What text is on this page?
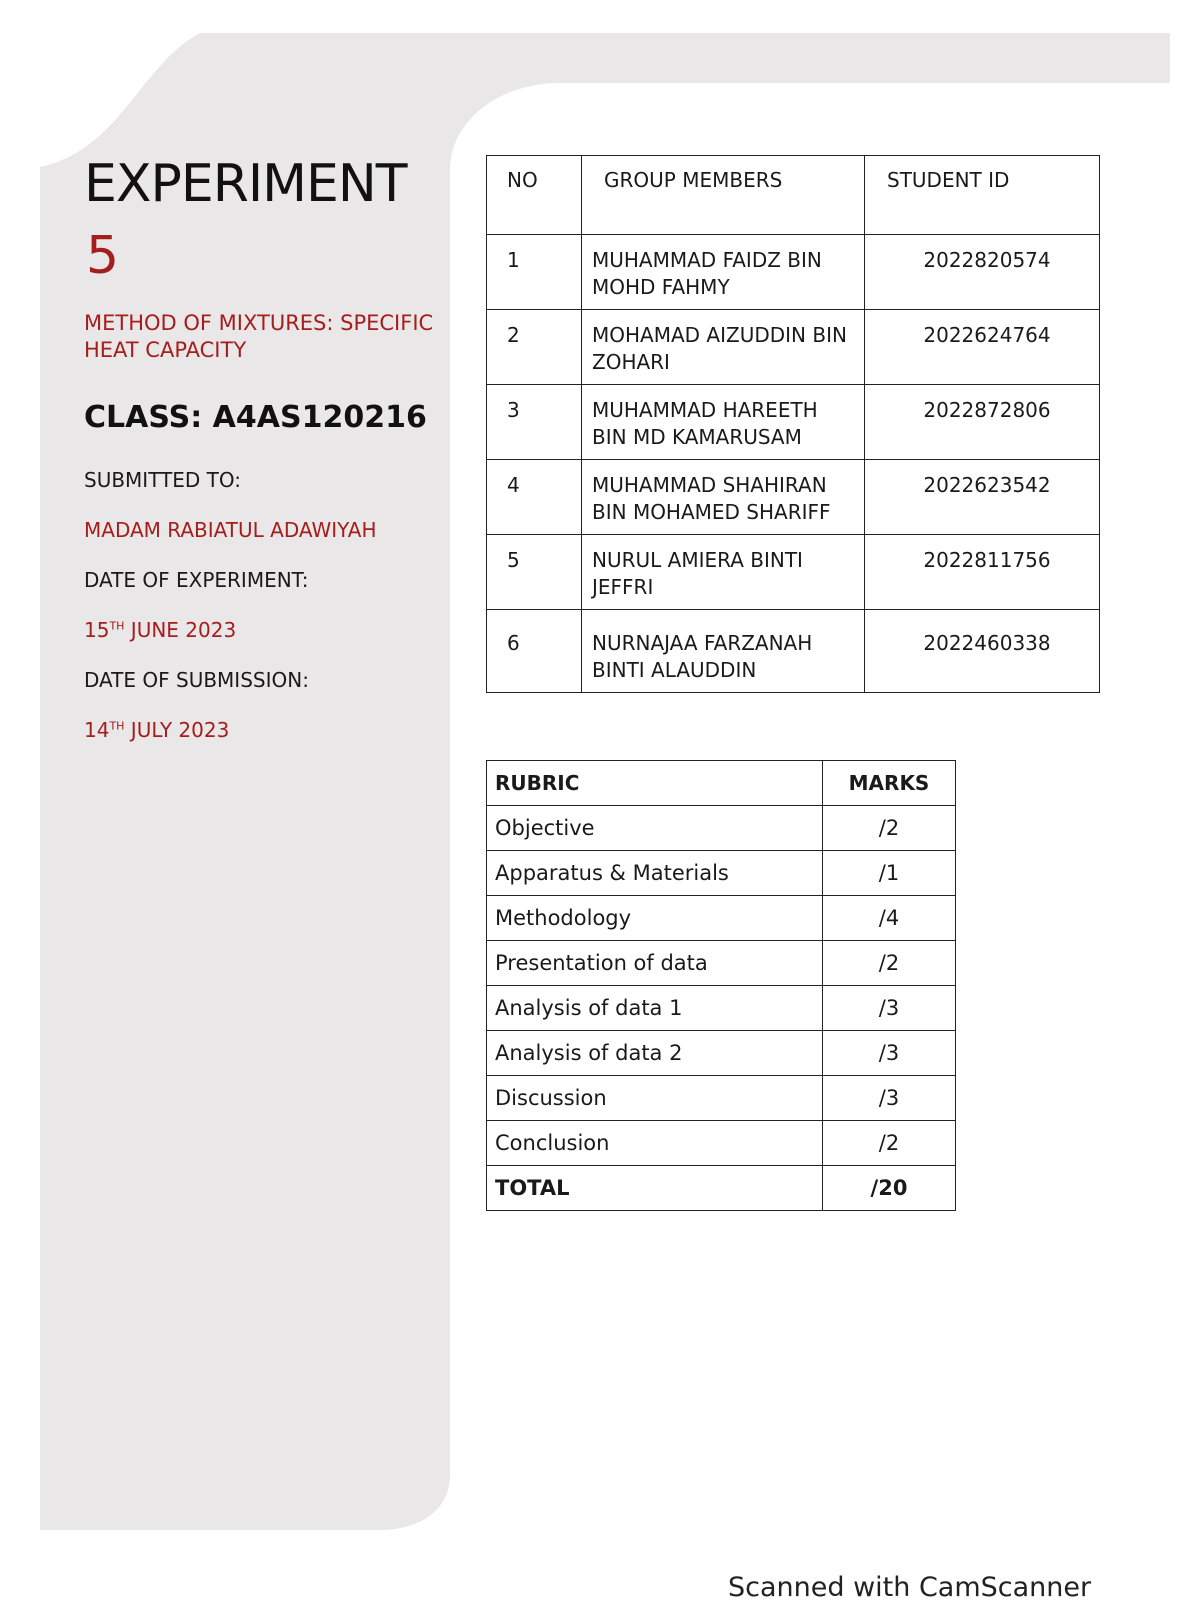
EXPERIMENT
5
METHOD OF MIXTURES: SPECIFIC HEAT CAPACITY
CLASS: A4AS120216
SUBMITTED TO:
MADAM RABIATUL ADAWIYAH
DATE OF EXPERIMENT:
15TH JUNE 2023
DATE OF SUBMISSION:
14TH JULY 2023
NO	GROUP MEMBERS	STUDENT ID
1	MUHAMMAD FAIDZ BIN MOHD FAHMY	2022820574
2	MOHAMAD AIZUDDIN BIN ZOHARI	2022624764
3	MUHAMMAD HAREETH BIN MD KAMARUSAM	2022872806
4	MUHAMMAD SHAHIRAN BIN MOHAMED SHARIFF	2022623542
5	NURUL AMIERA BINTI JEFFRI	2022811756
6	NURNAJAA FARZANAH BINTI ALAUDDIN	2022460338
RUBRIC	MARKS
Objective	/2
Apparatus & Materials	/1
Methodology	/4
Presentation of data	/2
Analysis of data 1	/3
Analysis of data 2	/3
Discussion	/3
Conclusion	/2
TOTAL	/20
Scanned with CamScanner
